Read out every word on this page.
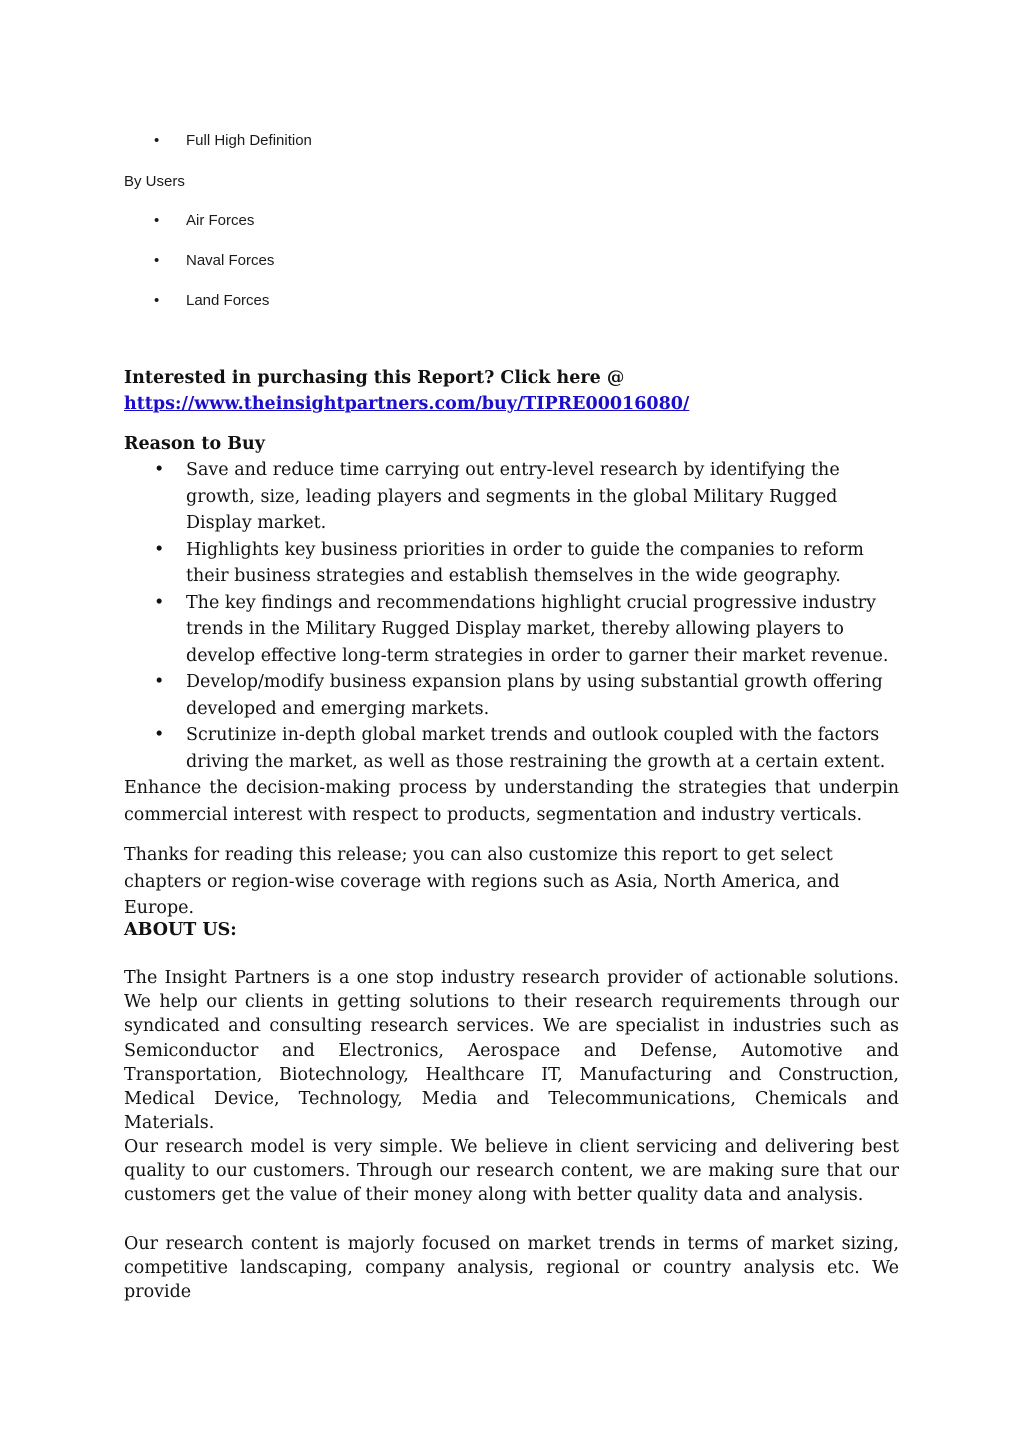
•	Full High Definition
By Users
•	Air Forces
•	Naval Forces
•	Land Forces
Interested in purchasing this Report? Click here @
https://www.theinsightpartners.com/buy/TIPRE00016080/
Reason to Buy
• Save and reduce time carrying out entry-level research by identifying the growth, size, leading players and segments in the global Military Rugged Display market.
• Highlights key business priorities in order to guide the companies to reform their business strategies and establish themselves in the wide geography.
• The key findings and recommendations highlight crucial progressive industry trends in the Military Rugged Display market, thereby allowing players to develop effective long-term strategies in order to garner their market revenue.
• Develop/modify business expansion plans by using substantial growth offering developed and emerging markets.
• Scrutinize in-depth global market trends and outlook coupled with the factors driving the market, as well as those restraining the growth at a certain extent.
Enhance the decision-making process by understanding the strategies that underpin commercial interest with respect to products, segmentation and industry verticals.
Thanks for reading this release; you can also customize this report to get select chapters or region-wise coverage with regions such as Asia, North America, and Europe.
ABOUT US:
The Insight Partners is a one stop industry research provider of actionable solutions. We help our clients in getting solutions to their research requirements through our syndicated and consulting research services. We are specialist in industries such as Semiconductor and Electronics, Aerospace and Defense, Automotive and Transportation, Biotechnology, Healthcare IT, Manufacturing and Construction, Medical Device, Technology, Media and Telecommunications, Chemicals and Materials.
Our research model is very simple. We believe in client servicing and delivering best quality to our customers. Through our research content, we are making sure that our customers get the value of their money along with better quality data and analysis.
Our research content is majorly focused on market trends in terms of market sizing, competitive landscaping, company analysis, regional or country analysis etc. We provide
